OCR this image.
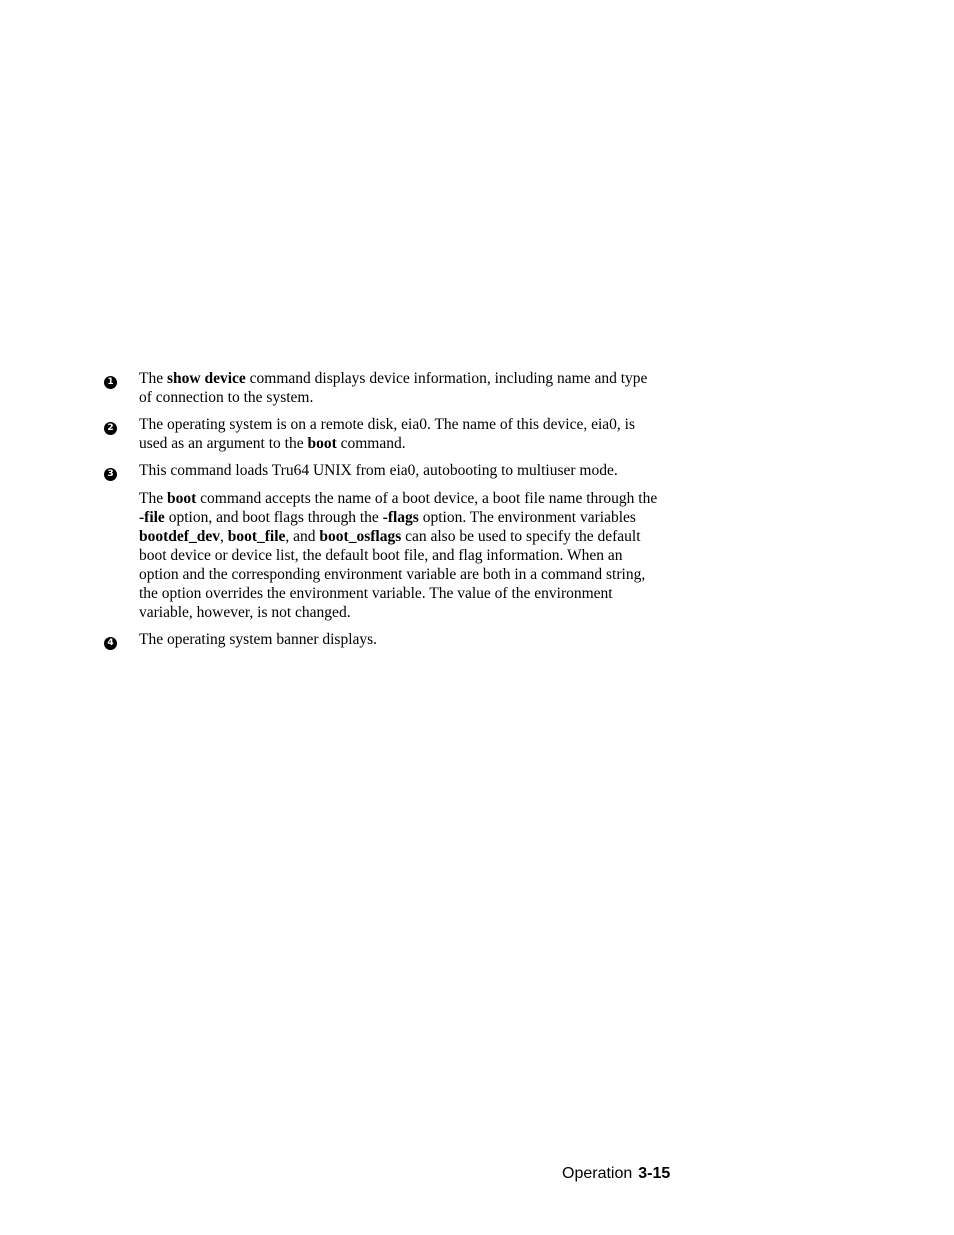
1	The show device command displays device information, including name and type of connection to the system.
2	The operating system is on a remote disk, eia0. The name of this device, eia0, is used as an argument to the boot command.
3	This command loads Tru64 UNIX from eia0, autobooting to multiuser mode.
The boot command accepts the name of a boot device, a boot file name through the -file option, and boot flags through the -flags option. The environment variables bootdef_dev, boot_file, and boot_osflags can also be used to specify the default boot device or device list, the default boot file, and flag information. When an option and the corresponding environment variable are both in a command string, the option overrides the environment variable. The value of the environment variable, however, is not changed.
4	The operating system banner displays.
Operation 3-15
